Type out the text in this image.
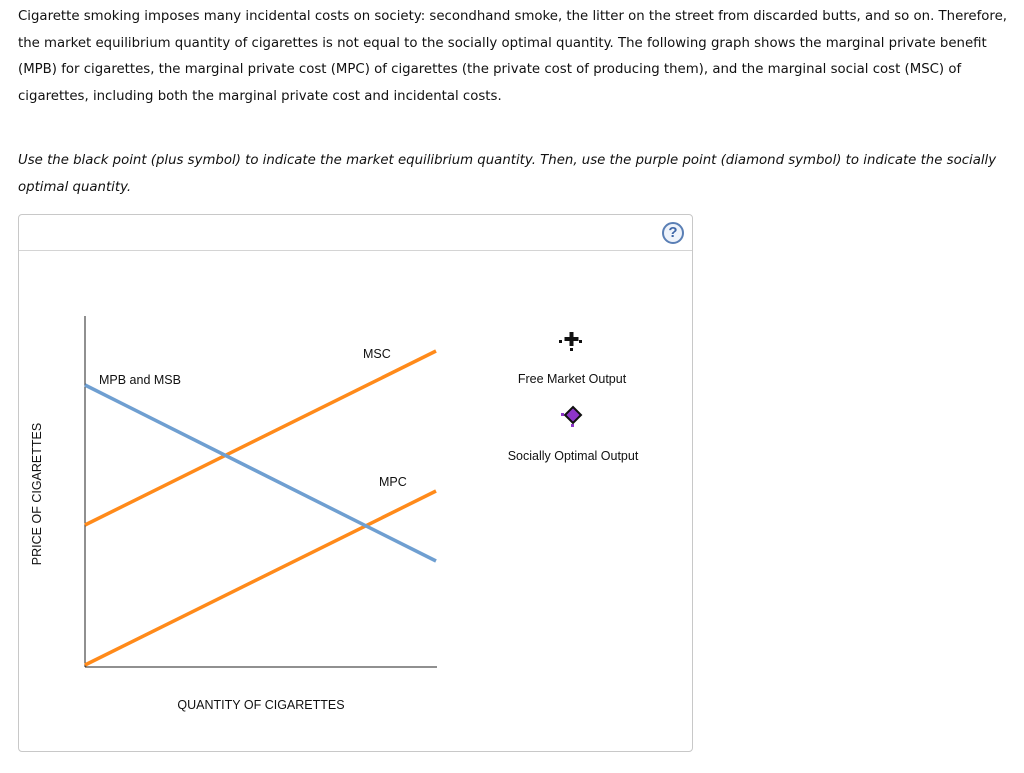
Cigarette smoking imposes many incidental costs on society: secondhand smoke, the litter on the street from discarded butts, and so on. Therefore, the market equilibrium quantity of cigarettes is not equal to the socially optimal quantity. The following graph shows the marginal private benefit (MPB) for cigarettes, the marginal private cost (MPC) of cigarettes (the private cost of producing them), and the marginal social cost (MSC) of cigarettes, including both the marginal private cost and incidental costs.

Use the black point (plus symbol) to indicate the market equilibrium quantity. Then, use the purple point (diamond symbol) to indicate the socially optimal quantity.

?
MPB and MSB
MSC
MPC
QUANTITY OF CIGARETTES
PRICE OF CIGARETTES
Free Market Output
Socially Optimal Output
